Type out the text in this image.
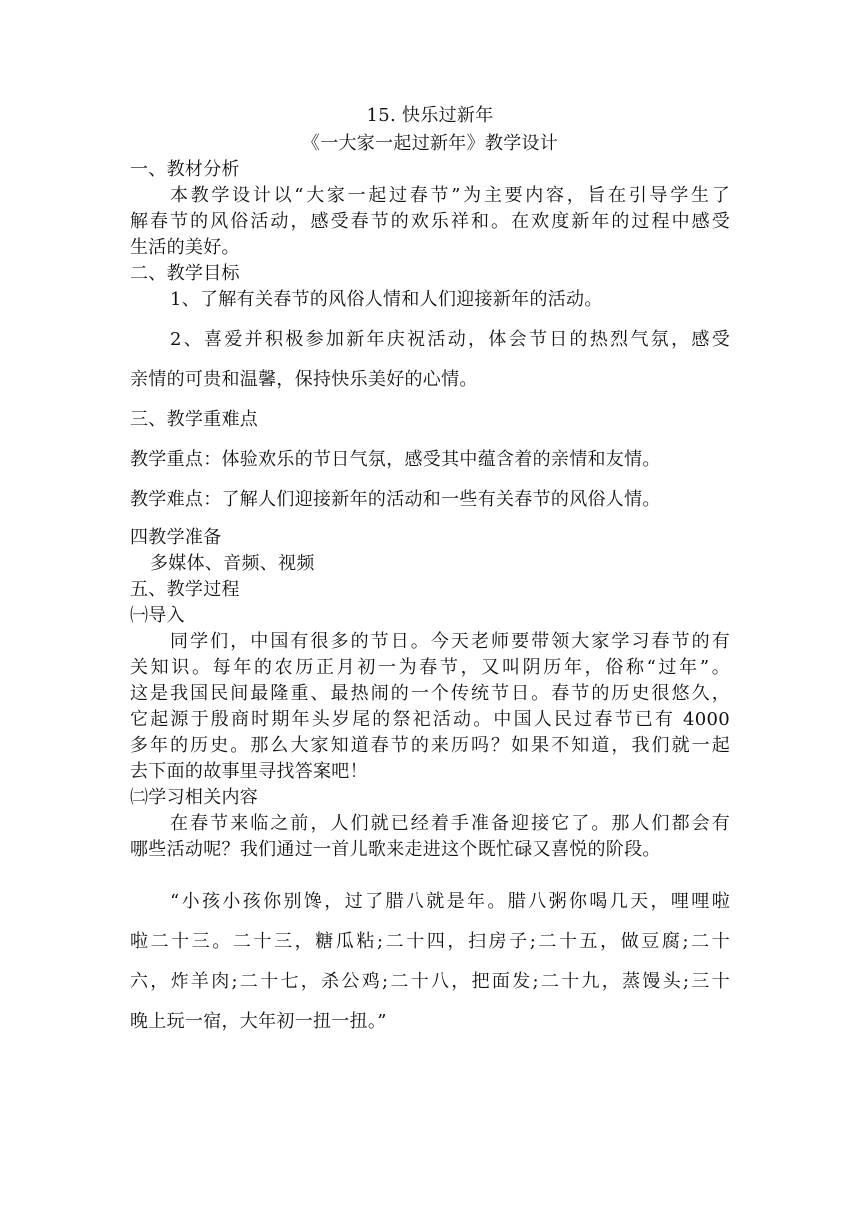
15. 快乐过新年
《一大家一起过新年》教学设计
一、教材分析
本教学设计以“大家一起过春节”为主要内容，旨在引导学生了
解春节的风俗活动，感受春节的欢乐祥和。在欢度新年的过程中感受
生活的美好。
二、教学目标
1、了解有关春节的风俗人情和人们迎接新年的活动。
2、喜爱并积极参加新年庆祝活动，体会节日的热烈气氛，感受
亲情的可贵和温馨，保持快乐美好的心情。
三、教学重难点
教学重点：体验欢乐的节日气氛，感受其中蕴含着的亲情和友情。
教学难点：了解人们迎接新年的活动和一些有关春节的风俗人情。
四教学准备
多媒体、音频、视频
五、教学过程
㈠导入
同学们，中国有很多的节日。今天老师要带领大家学习春节的有
关知识。每年的农历正月初一为春节，又叫阴历年，俗称“过年”。
这是我国民间最隆重、最热闹的一个传统节日。春节的历史很悠久，
它起源于殷商时期年头岁尾的祭祀活动。中国人民过春节已有 4000
多年的历史。那么大家知道春节的来历吗？如果不知道，我们就一起
去下面的故事里寻找答案吧！
㈡学习相关内容
在春节来临之前，人们就已经着手准备迎接它了。那人们都会有
哪些活动呢？我们通过一首儿歌来走进这个既忙碌又喜悦的阶段。
“小孩小孩你别馋，过了腊八就是年。腊八粥你喝几天，哩哩啦
啦二十三。二十三，糖瓜粘;二十四，扫房子;二十五，做豆腐;二十
六，炸羊肉;二十七，杀公鸡;二十八，把面发;二十九，蒸馒头;三十
晚上玩一宿，大年初一扭一扭。”
